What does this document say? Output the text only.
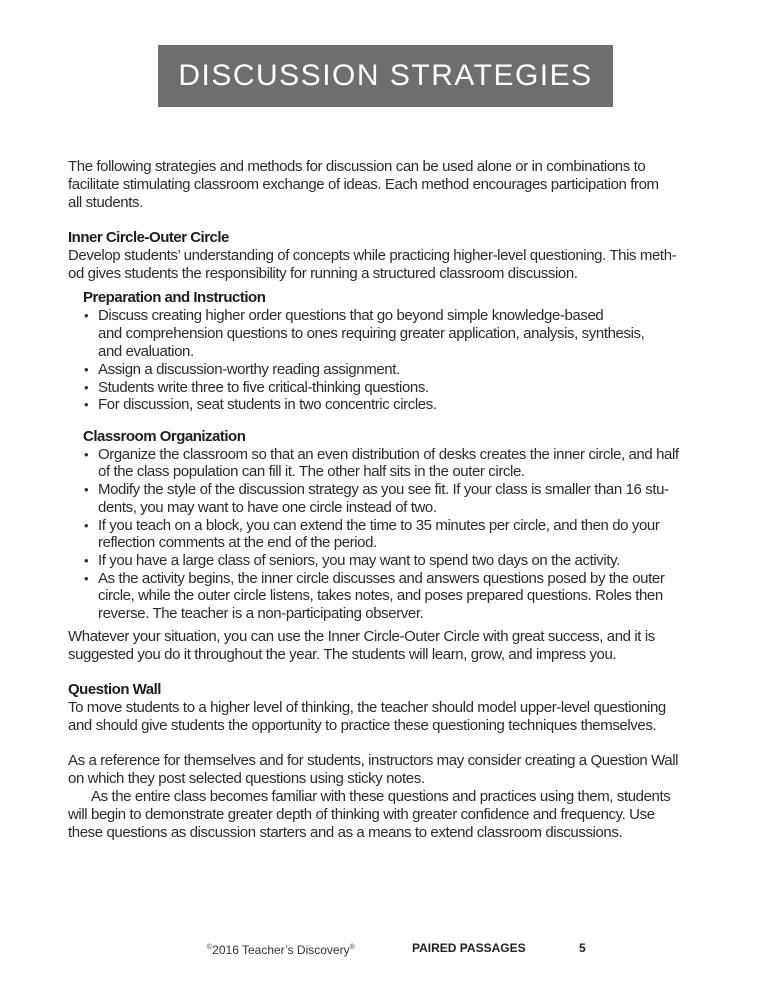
DISCUSSION STRATEGIES
The following strategies and methods for discussion can be used alone or in combinations to
facilitate stimulating classroom exchange of ideas. Each method encourages participation from
all students.
Inner Circle-Outer Circle
Develop students’ understanding of concepts while practicing higher-level questioning. This meth-
od gives students the responsibility for running a structured classroom discussion.
Preparation and Instruction
• Discuss creating higher order questions that go beyond simple knowledge-based
and comprehension questions to ones requiring greater application, analysis, synthesis,
and evaluation.
• Assign a discussion-worthy reading assignment.
• Students write three to five critical-thinking questions.
• For discussion, seat students in two concentric circles.
Classroom Organization
• Organize the classroom so that an even distribution of desks creates the inner circle, and half
of the class population can fill it. The other half sits in the outer circle.
• Modify the style of the discussion strategy as you see fit. If your class is smaller than 16 stu-
dents, you may want to have one circle instead of two.
• If you teach on a block, you can extend the time to 35 minutes per circle, and then do your
reflection comments at the end of the period.
• If you have a large class of seniors, you may want to spend two days on the activity.
• As the activity begins, the inner circle discusses and answers questions posed by the outer
circle, while the outer circle listens, takes notes, and poses prepared questions. Roles then
reverse. The teacher is a non-participating observer.
Whatever your situation, you can use the Inner Circle-Outer Circle with great success, and it is
suggested you do it throughout the year. The students will learn, grow, and impress you.
Question Wall
To move students to a higher level of thinking, the teacher should model upper-level questioning
and should give students the opportunity to practice these questioning techniques themselves.
As a reference for themselves and for students, instructors may consider creating a Question Wall
on which they post selected questions using sticky notes.
As the entire class becomes familiar with these questions and practices using them, students
will begin to demonstrate greater depth of thinking with greater confidence and frequency. Use
these questions as discussion starters and as a means to extend classroom discussions.
©2016 Teacher’s Discovery®	PAIRED PASSAGES	5
